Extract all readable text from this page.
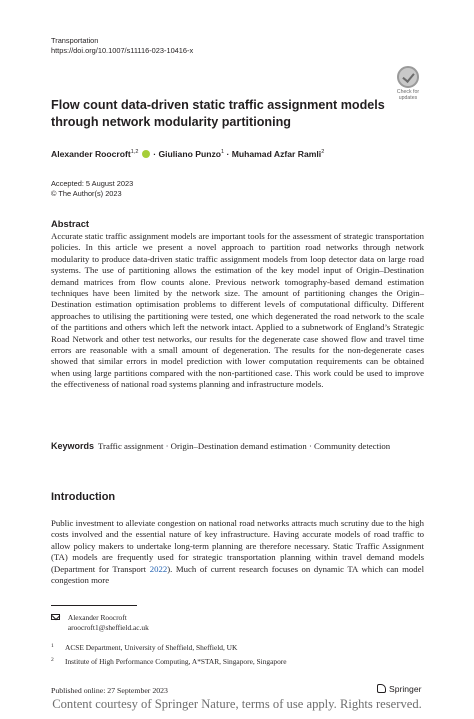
Transportation
https://doi.org/10.1007/s11116-023-10416-x
Check for
updates
Flow count data-driven static traffic assignment models through network modularity partitioning
Alexander Roocroft$^{1,2}$ · Giuliano Punzo$^1$ · Muhamad Azfar Ramli$^2$
Accepted: 5 August 2023
© The Author(s) 2023
Abstract
Accurate static traffic assignment models are important tools for the assessment of strategic transportation policies. In this article we present a novel approach to partition road networks through network modularity to produce data-driven static traffic assignment models from loop detector data on large road systems. The use of partitioning allows the estimation of the key model input of Origin–Destination demand matrices from flow counts alone. Previous network tomography-based demand estimation techniques have been limited by the network size. The amount of partitioning changes the Origin–Destination estimation optimisation problems to different levels of computational difficulty. Different approaches to utilising the partitioning were tested, one which degenerated the road network to the scale of the partitions and others which left the network intact. Applied to a subnetwork of England’s Strategic Road Network and other test networks, our results for the degenerate case showed flow and travel time errors are reasonable with a small amount of degeneration. The results for the non-degenerate cases showed that similar errors in model prediction with lower computation requirements can be obtained when using large partitions compared with the non-partitioned case. This work could be used to improve the effectiveness of national road systems planning and infrastructure models.
Keywords Traffic assignment · Origin–Destination demand estimation · Community detection
Introduction
Public investment to alleviate congestion on national road networks attracts much scrutiny due to the high costs involved and the essential nature of key infrastructure. Having accurate models of road traffic to allow policy makers to undertake long-term planning are therefore necessary. Static Traffic Assignment (TA) models are frequently used for strategic transportation planning within travel demand models (Department for Transport 2022). Much of current research focuses on dynamic TA which can model congestion more
Alexander Roocroft
aroocroft1@sheffield.ac.uk
1 ACSE Department, University of Sheffield, Sheffield, UK
2 Institute of High Performance Computing, A*STAR, Singapore, Singapore
Published online: 27 September 2023	Springer
Content courtesy of Springer Nature, terms of use apply. Rights reserved.
